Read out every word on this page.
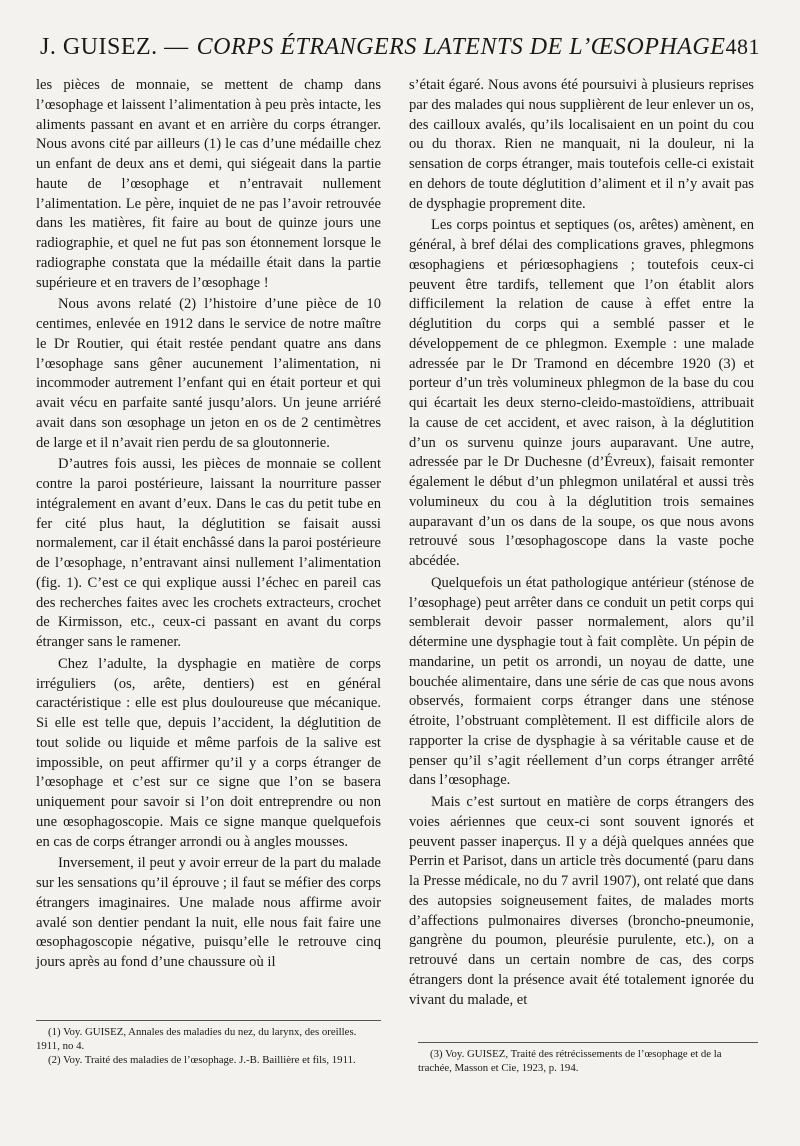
J. GUISEZ. — CORPS ÉTRANGERS LATENTS DE L’ŒSOPHAGE 481

les pièces de monnaie, se mettent de champ dans l’œsophage et laissent l’alimentation à peu près intacte, les aliments passant en avant et en arrière du corps étranger. Nous avons cité par ailleurs (1) le cas d’une médaille chez un enfant de deux ans et demi, qui siégeait dans la partie haute de l’œsophage et n’entravait nullement l’alimentation. Le père, inquiet de ne pas l’avoir retrouvée dans les matières, fit faire au bout de quinze jours une radiographie, et quel ne fut pas son étonnement lorsque le radiographe constata que la médaille était dans la partie supérieure et en travers de l’œsophage !

Nous avons relaté (2) l’histoire d’une pièce de 10 centimes, enlevée en 1912 dans le service de notre maître le Dr Routier, qui était restée pendant quatre ans dans l’œsophage sans gêner aucunement l’alimentation, ni incommoder autrement l’enfant qui en était porteur et qui avait vécu en parfaite santé jusqu’alors. Un jeune arriéré avait dans son œsophage un jeton en os de 2 centimètres de large et il n’avait rien perdu de sa gloutonnerie.

D’autres fois aussi, les pièces de monnaie se collent contre la paroi postérieure, laissant la nourriture passer intégralement en avant d’eux. Dans le cas du petit tube en fer cité plus haut, la déglutition se faisait aussi normalement, car il était enchâssé dans la paroi postérieure de l’œsophage, n’entravant ainsi nullement l’alimentation (fig. 1). C’est ce qui explique aussi l’échec en pareil cas des recherches faites avec les crochets extracteurs, crochet de Kirmisson, etc., ceux-ci passant en avant du corps étranger sans le ramener.

Chez l’adulte, la dysphagie en matière de corps irréguliers (os, arête, dentiers) est en général caractéristique : elle est plus douloureuse que mécanique. Si elle est telle que, depuis l’accident, la déglutition de tout solide ou liquide et même parfois de la salive est impossible, on peut affirmer qu’il y a corps étranger de l’œsophage et c’est sur ce signe que l’on se basera uniquement pour savoir si l’on doit entreprendre ou non une œsophagoscopie. Mais ce signe manque quelquefois en cas de corps étranger arrondi ou à angles mousses.

Inversement, il peut y avoir erreur de la part du malade sur les sensations qu’il éprouve ; il faut se méfier des corps étrangers imaginaires. Une malade nous affirme avoir avalé son dentier pendant la nuit, elle nous fait faire une œsophagoscopie négative, puisqu’elle le retrouve cinq jours après au fond d’une chaussure où il

s’était égaré. Nous avons été poursuivi à plusieurs reprises par des malades qui nous supplièrent de leur enlever un os, des cailloux avalés, qu’ils localisaient en un point du cou ou du thorax. Rien ne manquait, ni la douleur, ni la sensation de corps étranger, mais toutefois celle-ci existait en dehors de toute déglutition d’aliment et il n’y avait pas de dysphagie proprement dite.

Les corps pointus et septiques (os, arêtes) amènent, en général, à bref délai des complications graves, phlegmons œsophagiens et périœsophagiens ; toutefois ceux-ci peuvent être tardifs, tellement que l’on établit alors difficilement la relation de cause à effet entre la déglutition du corps qui a semblé passer et le développement de ce phlegmon. Exemple : une malade adressée par le Dr Tramond en décembre 1920 (3) et porteur d’un très volumineux phlegmon de la base du cou qui écartait les deux sterno-cleido-mastoïdiens, attribuait la cause de cet accident, et avec raison, à la déglutition d’un os survenu quinze jours auparavant. Une autre, adressée par le Dr Duchesne (d’Évreux), faisait remonter également le début d’un phlegmon unilatéral et aussi très volumineux du cou à la déglutition trois semaines auparavant d’un os dans de la soupe, os que nous avons retrouvé sous l’œsophagoscope dans la vaste poche abcédée.

Quelquefois un état pathologique antérieur (sténose de l’œsophage) peut arrêter dans ce conduit un petit corps qui semblerait devoir passer normalement, alors qu’il détermine une dysphagie tout à fait complète. Un pépin de mandarine, un petit os arrondi, un noyau de datte, une bouchée alimentaire, dans une série de cas que nous avons observés, formaient corps étranger dans une sténose étroite, l’obstruant complètement. Il est difficile alors de rapporter la crise de dysphagie à sa véritable cause et de penser qu’il s’agit réellement d’un corps étranger arrêté dans l’œsophage.

Mais c’est surtout en matière de corps étrangers des voies aériennes que ceux-ci sont souvent ignorés et peuvent passer inaperçus. Il y a déjà quelques années que Perrin et Parisot, dans un article très documenté (paru dans la Presse médicale, no du 7 avril 1907), ont relaté que dans des autopsies soigneusement faites, de malades morts d’affections pulmonaires diverses (broncho-pneumonie, gangrène du poumon, pleurésie purulente, etc.), on a retrouvé dans un certain nombre de cas, des corps étrangers dont la présence avait été totalement ignorée du vivant du malade, et

(1) Voy. GUISEZ, Annales des maladies du nez, du larynx, des oreilles. 1911, no 4.

(2) Voy. Traité des maladies de l’œsophage. J.-B. Baillière et fils, 1911.	(3) Voy. GUISEZ, Traité des rétrécissements de l’œsophage et de la trachée, Masson et Cie, 1923, p. 194.
